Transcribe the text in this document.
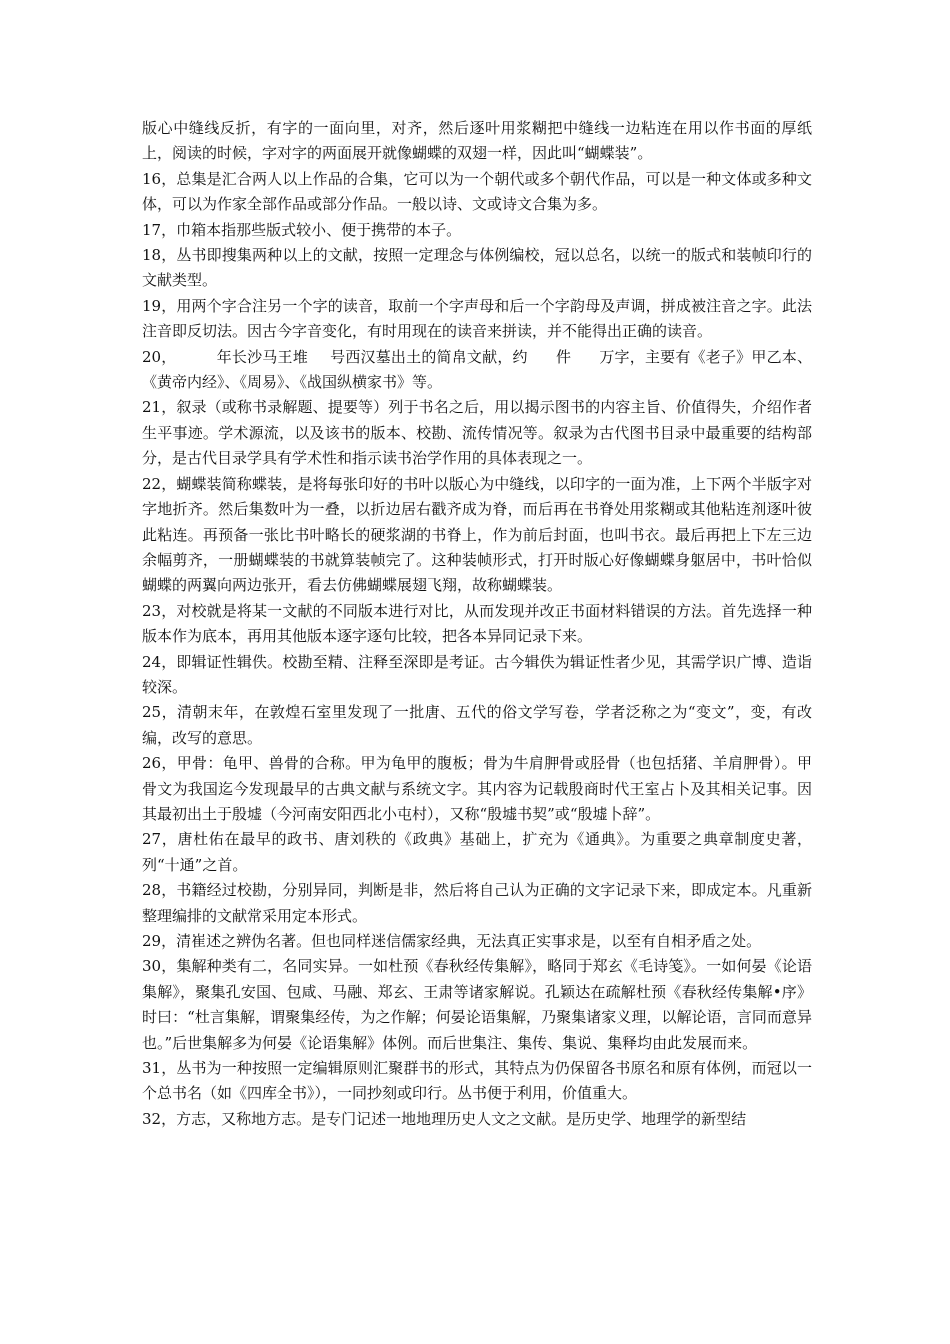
版心中缝线反折，有字的一面向里，对齐，然后逐叶用浆糊把中缝线一边粘连在用以作书面的厚纸上，阅读的时候，字对字的两面展开就像蝴蝶的双翅一样，因此叫“蝴蝶装”。

16，总集是汇合两人以上作品的合集，它可以为一个朝代或多个朝代作品，可以是一种文体或多种文体，可以为作家全部作品或部分作品。一般以诗、文或诗文合集为多。

17，巾箱本指那些版式较小、便于携带的本子。

18，丛书即搜集两种以上的文献，按照一定理念与体例编校，冠以总名，以统一的版式和装帧印行的文献类型。

19，用两个字合注另一个字的读音，取前一个字声母和后一个字韵母及声调，拼成被注音之字。此法注音即反切法。因古今字音变化，有时用现在的读音来拼读，并不能得出正确的读音。

20，	年长沙马王堆 号西汉墓出土的简帛文献，约 件 万字，主要有《老子》甲乙本、《黄帝内经》、《周易》、《战国纵横家书》等。

21，叙录（或称书录解题、提要等）列于书名之后，用以揭示图书的内容主旨、价值得失，介绍作者生平事迹。学术源流，以及该书的版本、校勘、流传情况等。叙录为古代图书目录中最重要的结构部分，是古代目录学具有学术性和指示读书治学作用的具体表现之一。

22，蝴蝶装简称蝶装，是将每张印好的书叶以版心为中缝线，以印字的一面为准，上下两个半版字对字地折齐。然后集数叶为一叠，以折边居右戳齐成为脊，而后再在书脊处用浆糊或其他粘连剂逐叶彼此粘连。再预备一张比书叶略长的硬浆湖的书脊上，作为前后封面，也叫书衣。最后再把上下左三边余幅剪齐，一册蝴蝶装的书就算装帧完了。这种装帧形式，打开时版心好像蝴蝶身躯居中，书叶恰似蝴蝶的两翼向两边张开，看去仿佛蝴蝶展翅飞翔，故称蝴蝶装。

23，对校就是将某一文献的不同版本进行对比，从而发现并改正书面材料错误的方法。首先选择一种版本作为底本，再用其他版本逐字逐句比较，把各本异同记录下来。

24，即辑证性辑佚。校勘至精、注释至深即是考证。古今辑佚为辑证性者少见，其需学识广博、造诣较深。

25，清朝末年，在敦煌石室里发现了一批唐、五代的俗文学写卷，学者泛称之为“变文”，变，有改编，改写的意思。

26，甲骨：龟甲、兽骨的合称。甲为龟甲的腹板；骨为牛肩胛骨或胫骨（也包括猪、羊肩胛骨）。甲骨文为我国迄今发现最早的古典文献与系统文字。其内容为记载殷商时代王室占卜及其相关记事。因其最初出土于殷墟（今河南安阳西北小屯村），又称“殷墟书契”或“殷墟卜辞”。

27，唐杜佑在最早的政书、唐刘秩的《政典》基础上，扩充为《通典》。为重要之典章制度史著，列“十通”之首。

28，书籍经过校勘，分别异同，判断是非，然后将自己认为正确的文字记录下来，即成定本。凡重新整理编排的文献常采用定本形式。

29，清崔述之辨伪名著。但也同样迷信儒家经典，无法真正实事求是，以至有自相矛盾之处。

30，集解种类有二，名同实异。一如杜预《春秋经传集解》，略同于郑玄《毛诗笺》。一如何晏《论语集解》，聚集孔安国、包咸、马融、郑玄、王肃等诸家解说。孔颖达在疏解杜预《春秋经传集解•序》时曰：“杜言集解，谓聚集经传，为之作解；何晏论语集解，乃聚集诸家义理，以解论语，言同而意异也。”后世集解多为何晏《论语集解》体例。而后世集注、集传、集说、集释均由此发展而来。

31，丛书为一种按照一定编辑原则汇聚群书的形式，其特点为仍保留各书原名和原有体例，而冠以一个总书名（如《四库全书》），一同抄刻或印行。丛书便于利用，价值重大。

32，方志，又称地方志。是专门记述一地地理历史人文之文献。是历史学、地理学的新型结
